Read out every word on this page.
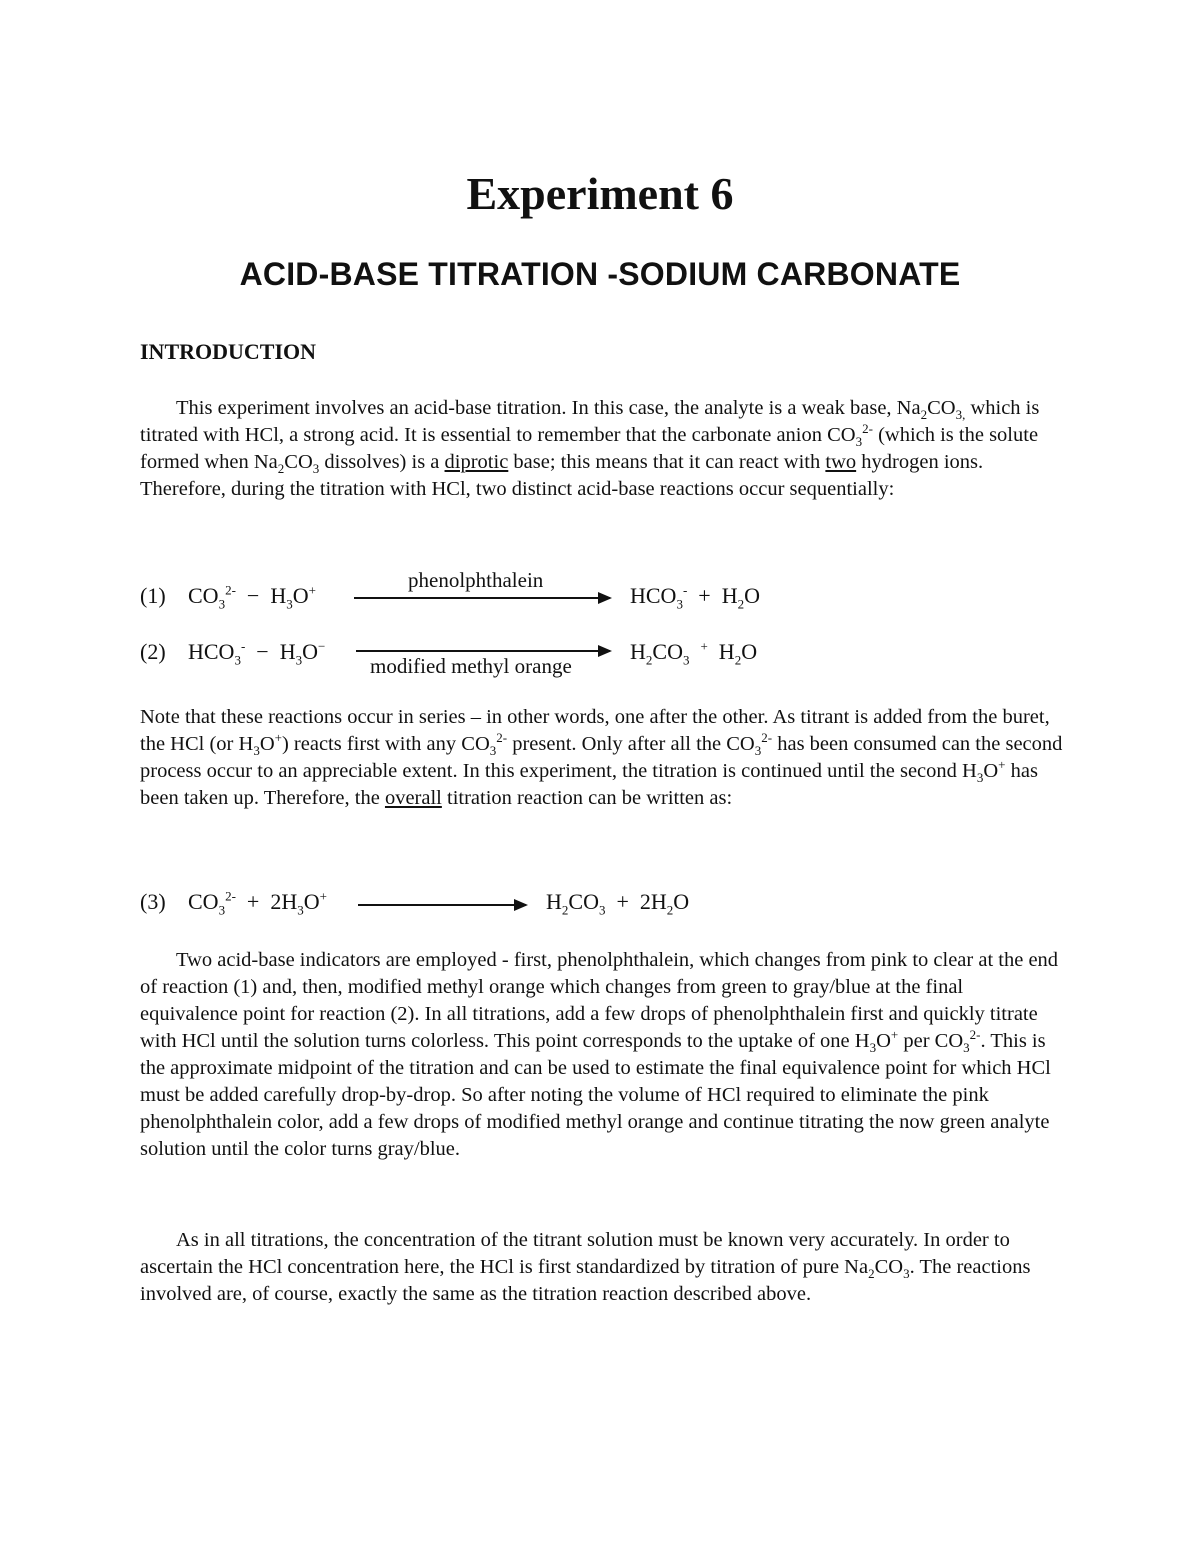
Experiment 6
ACID-BASE TITRATION -SODIUM CARBONATE
INTRODUCTION

This experiment involves an acid-base titration. In this case, the analyte is a weak base, $Na_2CO_{3,}$ which is titrated with HCl, a strong acid. It is essential to remember that the carbonate anion $CO_3^{2-}$ (which is the solute formed when $Na_2CO_3$ dissolves) is a diprotic base; this means that it can react with two hydrogen ions. Therefore, during the titration with HCl, two distinct acid-base reactions occur sequentially:

(1) $CO_3^{2-} - H_3O^+$	phenolphthalein
$HCO_3^- + H_2O$
(2) $HCO_3^- - H_3O^-$
modified methyl orange
$H_2CO_3$  + $H_2O$

Note that these reactions occur in series – in other words, one after the other. As titrant is added from the buret, the HCl (or $H_3O^+$) reacts first with any $CO_3^{2-}$ present. Only after all the $CO_3^{2-}$ has been consumed can the second process occur to an appreciable extent. In this experiment, the titration is continued until the second $H_3O^+$ has been taken up. Therefore, the overall titration reaction can be written as:

(3) $CO_3^{2-} + 2H_3O^+$	$H_2CO_3 + 2H_2O$

Two acid-base indicators are employed - first, phenolphthalein, which changes from pink to clear at the end of reaction (1) and, then, modified methyl orange which changes from green to gray/blue at the final equivalence point for reaction (2). In all titrations, add a few drops of phenolphthalein first and quickly titrate with HCl until the solution turns colorless. This point corresponds to the uptake of one $H_3O^+$ per $CO_3^{2-}$. This is the approximate midpoint of the titration and can be used to estimate the final equivalence point for which HCl must be added carefully drop-by-drop. So after noting the volume of HCl required to eliminate the pink phenolphthalein color, add a few drops of modified methyl orange and continue titrating the now green analyte solution until the color turns gray/blue.

As in all titrations, the concentration of the titrant solution must be known very accurately. In order to ascertain the HCl concentration here, the HCl is first standardized by titration of pure $Na_2CO_3$. The reactions involved are, of course, exactly the same as the titration reaction described above.
